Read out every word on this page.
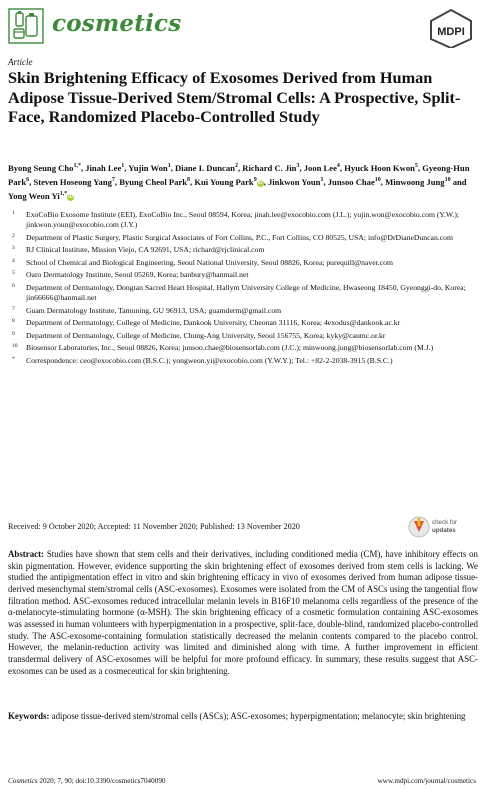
cosmetics	MDPI
Article
Skin Brightening Efficacy of Exosomes Derived from Human Adipose Tissue-Derived Stem/Stromal Cells: A Prospective, Split-Face, Randomized Placebo-Controlled Study
Byong Seung Cho$^{1,*}$, Jinah Lee$^1$, Yujin Won$^1$, Diane I. Duncan$^2$, Richard C. Jin$^3$, Joon Lee$^4$, Hyuck Hoon Kwon$^5$, Gyeong-Hun Park$^6$, Steven Hoseong Yang$^7$, Byung Cheol Park$^8$, Kui Young Park$^9$iD, Jinkwon Youn$^1$, Junsoo Chae$^{10}$, Minwoong Jung$^{10}$ and Yong Weon $Yi^{1,*}iD$
1 ExoCoBio Exosome Institute (EEI), ExoCoBio Inc., Seoul 08594, Korea; jinah.lee@exocobio.com (J.L.); yujin.won@exocobio.com (Y.W.); jinkwon.youn@exocobio.com (J.Y.)
2 Department of Plastic Surgery, Plastic Surgical Associates of Fort Collins, P.C., Fort Collins, CO 80525, USA; info@DrDianeDuncan.com
3 RJ Clinical Institute, Mission Viejo, CA 92691, USA; richard@rjclinical.com
4 School of Chemical and Biological Engineering, Seoul National University, Seoul 08826, Korea; purequill@naver.com
5 Oaro Dermatology Institute, Seoul 05269, Korea; banbury@hanmail.net
6 Department of Dermatology, Dongtan Sacred Heart Hospital, Hallym University College of Medicine, Hwaseong 18450, Gyeonggi-do, Korea; jin66666@hanmail.net
7 Guam Dermatology Institute, Tamuning, GU 96913, USA; guamderm@gmail.com
8 Department of Dermatology, College of Medicine, Dankook University, Cheonan 31116, Korea; 4exodus@dankook.ac.kr
9 Department of Dermatology, College of Medicine, Chung-Ang University, Seoul 156755, Korea; kyky@caumc.or.kr
10 Biosensor Laboratories, Inc., Seoul 08826, Korea; junsoo.chae@biosensorlab.com (J.C.); minwoong.jung@biosensorlab.com (M.J.)
* Correspondence: ceo@exocobio.com (B.S.C.); yongweon.yi@exocobio.com (Y.W.Y.); Tel.: +82-2-2038-3915 (B.S.C.)
Received: 9 October 2020; Accepted: 11 November 2020; Published: 13 November 2020	check for
updates
Abstract: Studies have shown that stem cells and their derivatives, including conditioned media (CM), have inhibitory effects on skin pigmentation. However, evidence supporting the skin brightening effect of exosomes derived from stem cells is lacking. We studied the antipigmentation effect in vitro and skin brightening efficacy in vivo of exosomes derived from human adipose tissue-derived mesenchymal stem/stromal cells (ASC-exosomes). Exosomes were isolated from the CM of ASCs using the tangential flow filtration method. ASC-exosomes reduced intracellular melanin levels in B16F10 melanoma cells regardless of the presence of the α-melanocyte-stimulating hormone (α-MSH). The skin brightening efficacy of a cosmetic formulation containing ASC-exosomes was assessed in human volunteers with hyperpigmentation in a prospective, split-face, double-blind, randomized placebo-controlled study. The ASC-exosome-containing formulation statistically decreased the melanin contents compared to the placebo control. However, the melanin-reduction activity was limited and diminished along with time. A further improvement in efficient transdermal delivery of ASC-exosomes will be helpful for more profound efficacy. In summary, these results suggest that ASC-exosomes can be used as a cosmeceutical for skin brightening.
Keywords: adipose tissue-derived stem/stromal cells (ASCs); ASC-exosomes; hyperpigmentation; melanocyte; skin brightening
Cosmetics 2020, 7, 90; doi:10.3390/cosmetics7040090	www.mdpi.com/journal/cosmetics
